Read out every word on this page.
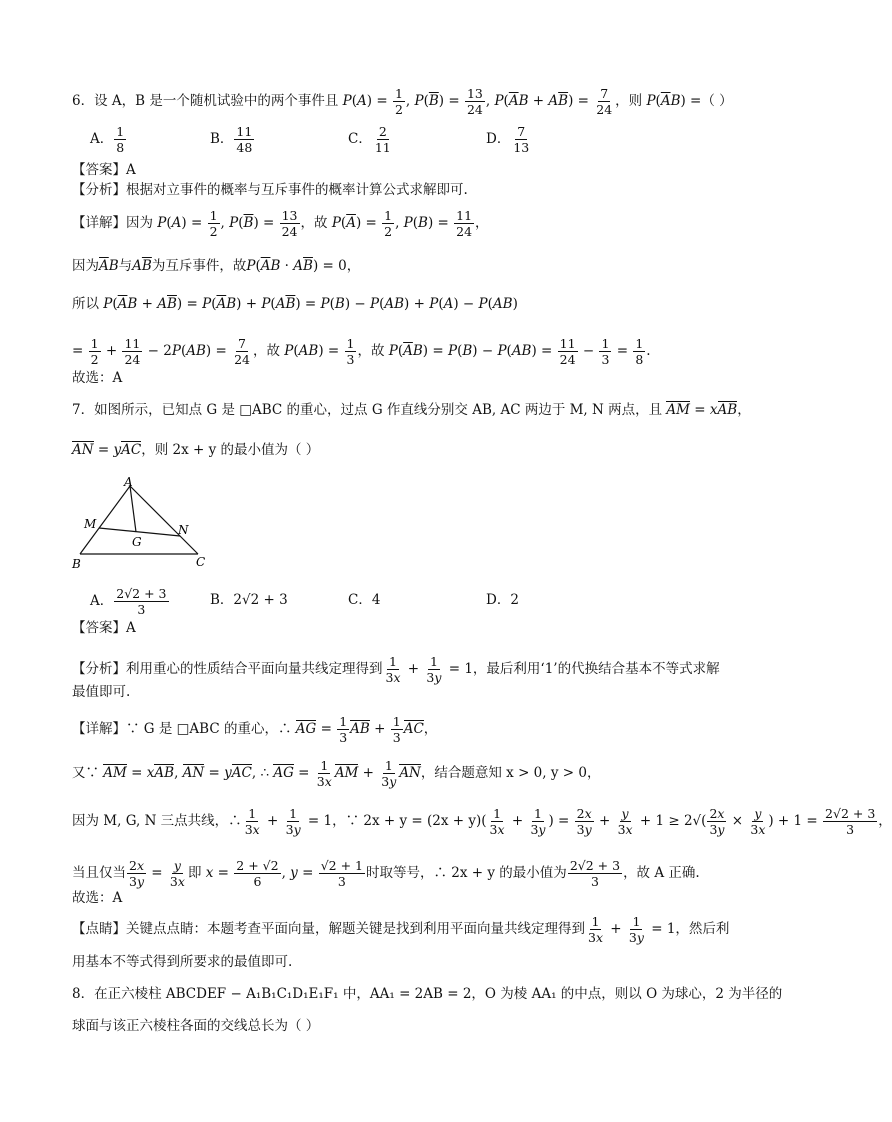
6．设 A，B 是一个随机试验中的两个事件且 $P(A) = \frac{1}{2}$ , $P(\overline{B}) = \frac{13}{24}$ , $P(\overline{A}B + A\overline{B}) = \frac{7}{24}$ ，则 $P(\overline{A}B)$ =（ ）
A． $\frac{1}{8}$	B． $\frac{11}{48}$	C． $\frac{2}{11}$	D． $\frac{7}{13}$
【答案】A
【分析】根据对立事件的概率与互斥事件的概率计算公式求解即可.
【详解】因为 $P(A) = \frac{1}{2}$ , $P(\overline{B}) = \frac{13}{24}$ ，故 $P(\overline{A}) = \frac{1}{2}$ , $P(B) = \frac{11}{24}$ ，
因为$\overline{A}B$与$A\overline{B}$为互斥事件，故$P(\overline{A}B \cdot A\overline{B}) = 0$，
所以 $P(\overline{A}B + A\overline{B}) = P(\overline{A}B) + P(A\overline{B}) = P(B) - P(AB) + P(A) - P(AB)$
= $\frac{1}{2} + \frac{11}{24} - 2P(AB) = \frac{7}{24}$ ，故 $P(AB) = \frac{1}{3}$ ，故 $P(\overline{A}B) = P(B) - P(AB) = \frac{11}{24} - \frac{1}{3} = \frac{1}{8}$ .
故选：A
7．如图所示，已知点 G 是 □ABC 的重心，过点 G 作直线分别交 AB, AC 两边于 M, N 两点，且 AM = xAB，
AN = yAC，则 2x + y 的最小值为（ ）
A
B	C
M	N
G
A． $\frac{2√2 + 3}{3}$	B．2√2 + 3	C．4	D．2
【答案】A
【分析】利用重心的性质结合平面向量共线定理得到 $\frac{1}{3x} + \frac{1}{3y} = 1$，最后利用‘1’的代换结合基本不等式求解
最值即可.
【详解】∵ G 是 □ABC 的重心，∴ AG = $\frac{1}{3}$ AB + $\frac{1}{3}$ AC，
又∵ AM = xAB, AN = yAC, ∴ AG = $\frac{1}{3x}$ AM + $\frac{1}{3y}$ AN，结合题意知 x > 0, y > 0，
因为 M, G, N 三点共线，∴ $\frac{1}{3x} + \frac{1}{3y} = 1$，∵ $2x + y = (2x + y)( \frac{1}{3x} + \frac{1}{3y}$ ) = $\frac{2x}{3y} + \frac{y}{3x} + 1 \ge 2√( \frac{2x}{3y} \times \frac{y}{3x}$ ) + $1 = \frac{2√2 + 3}{3}$ ，
当且仅当 $\frac{2x}{3y} = \frac{y}{3x}$ 即 $x = \frac{2 + √2}{6}$ , $y = \frac{√2 + 1}{3}$ 时取等号，∴ 2x + y 的最小值为 $\frac{2√2 + 3}{3}$ ，故 A 正确.
故选：A
【点睛】关键点点睛：本题考查平面向量，解题关键是找到利用平面向量共线定理得到 $\frac{1}{3x} + \frac{1}{3y} = 1$，然后利
用基本不等式得到所要求的最值即可.
8．在正六棱柱 ABCDEF − A₁B₁C₁D₁E₁F₁ 中，AA₁ = 2AB = 2，O 为棱 AA₁ 的中点，则以 O 为球心，2 为半径的
球面与该正六棱柱各面的交线总长为（ ）
